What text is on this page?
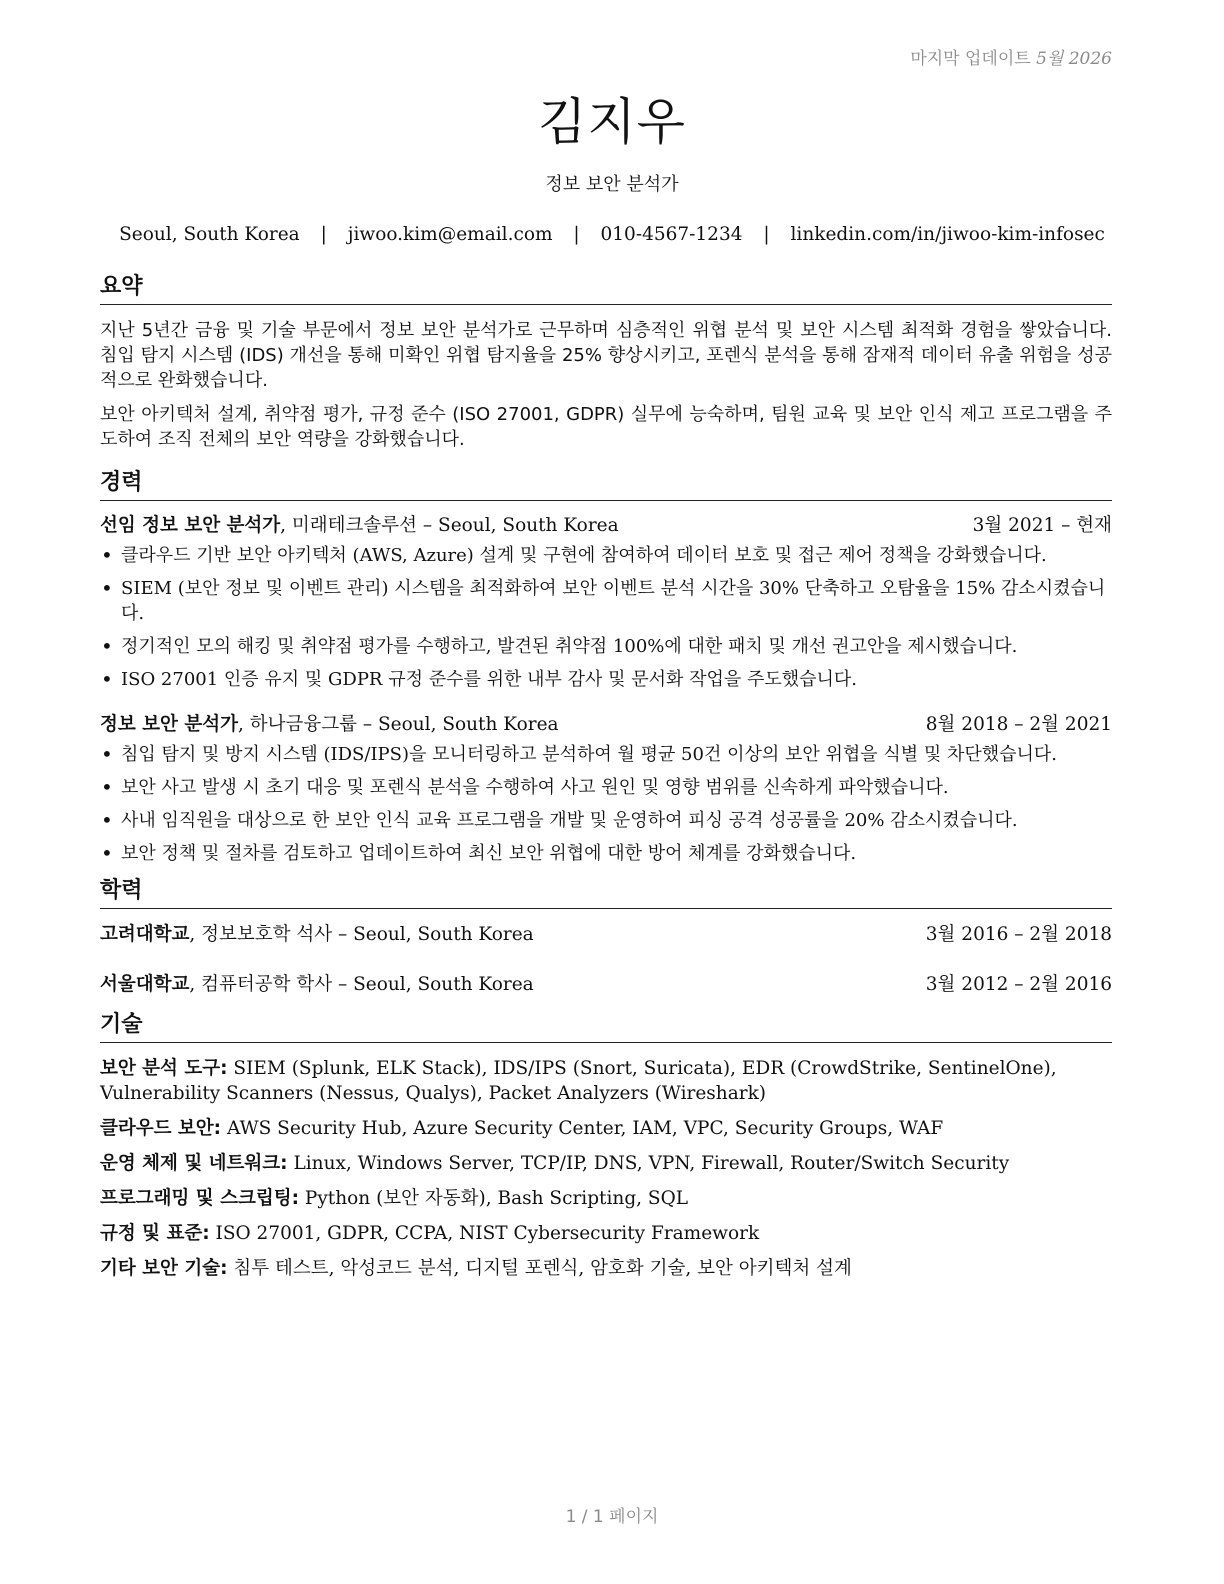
마지막 업데이트 5월 2026
김지우
정보 보안 분석가
Seoul, South Korea | jiwoo.kim@email.com | 010-4567-1234 | linkedin.com/in/jiwoo-kim-infosec
요약

지난 5년간 금융 및 기술 부문에서 정보 보안 분석가로 근무하며 심층적인 위협 분석 및 보안 시스템 최적화 경험을 쌓았습니다. 침입 탐지 시스템 (IDS) 개선을 통해 미확인 위협 탐지율을 25% 향상시키고, 포렌식 분석을 통해 잠재적 데이터 유출 위험을 성공적으로 완화했습니다.

보안 아키텍처 설계, 취약점 평가, 규정 준수 (ISO 27001, GDPR) 실무에 능숙하며, 팀원 교육 및 보안 인식 제고 프로그램을 주도하여 조직 전체의 보안 역량을 강화했습니다.

경력
선임 정보 보안 분석가, 미래테크솔루션 – Seoul, South Korea	3월 2021 – 현재
• 클라우드 기반 보안 아키텍처 (AWS, Azure) 설계 및 구현에 참여하여 데이터 보호 및 접근 제어 정책을 강화했습니다.
• SIEM (보안 정보 및 이벤트 관리) 시스템을 최적화하여 보안 이벤트 분석 시간을 30% 단축하고 오탐율을 15% 감소시켰습니다.
• 정기적인 모의 해킹 및 취약점 평가를 수행하고, 발견된 취약점 100%에 대한 패치 및 개선 권고안을 제시했습니다.
• ISO 27001 인증 유지 및 GDPR 규정 준수를 위한 내부 감사 및 문서화 작업을 주도했습니다.
정보 보안 분석가, 하나금융그룹 – Seoul, South Korea	8월 2018 – 2월 2021
• 침입 탐지 및 방지 시스템 (IDS/IPS)을 모니터링하고 분석하여 월 평균 50건 이상의 보안 위협을 식별 및 차단했습니다.
• 보안 사고 발생 시 초기 대응 및 포렌식 분석을 수행하여 사고 원인 및 영향 범위를 신속하게 파악했습니다.
• 사내 임직원을 대상으로 한 보안 인식 교육 프로그램을 개발 및 운영하여 피싱 공격 성공률을 20% 감소시켰습니다.
• 보안 정책 및 절차를 검토하고 업데이트하여 최신 보안 위협에 대한 방어 체계를 강화했습니다.
학력
고려대학교, 정보보호학 석사 – Seoul, South Korea	3월 2016 – 2월 2018
서울대학교, 컴퓨터공학 학사 – Seoul, South Korea	3월 2012 – 2월 2016
기술
보안 분석 도구: SIEM (Splunk, ELK Stack), IDS/IPS (Snort, Suricata), EDR (CrowdStrike, SentinelOne), Vulnerability Scanners (Nessus, Qualys), Packet Analyzers (Wireshark)
클라우드 보안: AWS Security Hub, Azure Security Center, IAM, VPC, Security Groups, WAF
운영 체제 및 네트워크: Linux, Windows Server, TCP/IP, DNS, VPN, Firewall, Router/Switch Security
프로그래밍 및 스크립팅: Python (보안 자동화), Bash Scripting, SQL
규정 및 표준: ISO 27001, GDPR, CCPA, NIST Cybersecurity Framework
기타 보안 기술: 침투 테스트, 악성코드 분석, 디지털 포렌식, 암호화 기술, 보안 아키텍처 설계
1 / 1 페이지
